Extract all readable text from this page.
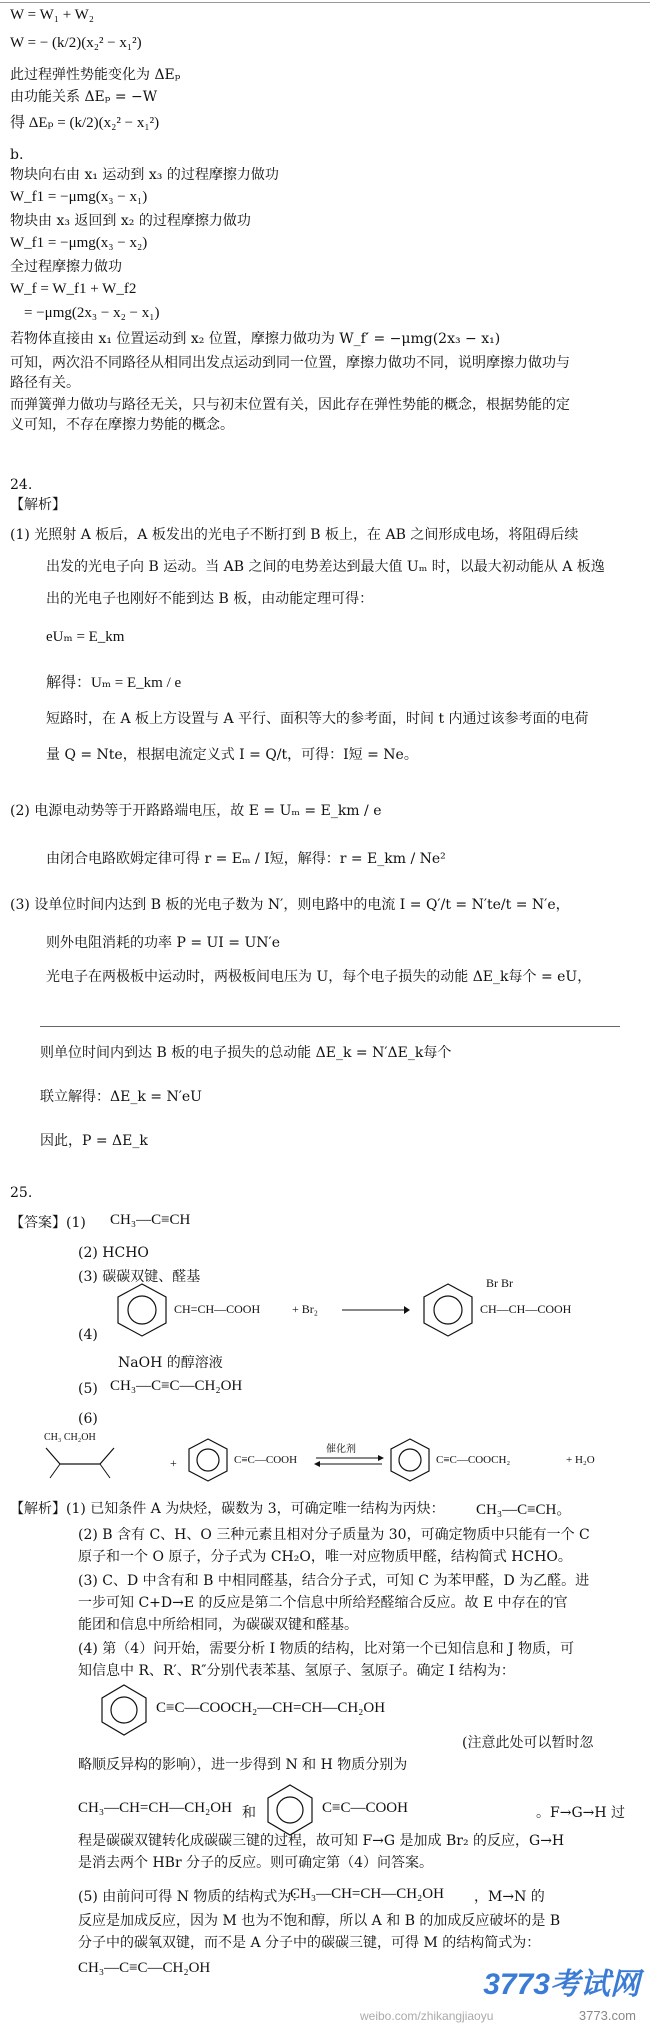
W = W₁ + W₂
W = − (k/2)(x₂² − x₁²)
此过程弹性势能变化为 ΔEₚ
由功能关系 ΔEₚ = −W
得 ΔEₚ = (k/2)(x₂² − x₁²)
b.
物块向右由 x₁ 运动到 x₃ 的过程摩擦力做功
W_f1 = −μmg(x₃ − x₁)
物块由 x₃ 返回到 x₂ 的过程摩擦力做功
W_f1 = −μmg(x₃ − x₂)
全过程摩擦力做功
W_f = W_f1 + W_f2
= −μmg(2x₃ − x₂ − x₁)
若物体直接由 x₁ 位置运动到 x₂ 位置，摩擦力做功为 W_f′ = −μmg(2x₃ − x₁)
可知，两次沿不同路径从相同出发点运动到同一位置，摩擦力做功不同，说明摩擦力做功与
路径有关。
而弹簧弹力做功与路径无关，只与初末位置有关，因此存在弹性势能的概念，根据势能的定
义可知，不存在摩擦力势能的概念。
24.
【解析】
(1) 光照射 A 板后，A 板发出的光电子不断打到 B 板上，在 AB 之间形成电场，将阻碍后续
出发的光电子向 B 运动。当 AB 之间的电势差达到最大值 Uₘ 时，以最大初动能从 A 板逸
出的光电子也刚好不能到达 B 板，由动能定理可得：
eUₘ = E_km
解得：Uₘ = E_km / e
短路时，在 A 板上方设置与 A 平行、面积等大的参考面，时间 t 内通过该参考面的电荷
量 Q = Nte，根据电流定义式 I = Q/t，可得：I短 = Ne。
(2) 电源电动势等于开路路端电压，故 E = Uₘ = E_km / e
由闭合电路欧姆定律可得 r = Eₘ / I短，解得：r = E_km / Ne²
(3) 设单位时间内达到 B 板的光电子数为 N′，则电路中的电流 I = Q′/t = N′te/t = N′e，
则外电阻消耗的功率 P = UI = UN′e
光电子在两极板中运动时，两极板间电压为 U，每个电子损失的动能 ΔE_k每个 = eU，
则单位时间内到达 B 板的电子损失的总动能 ΔE_k = N′ΔE_k每个
联立解得：ΔE_k = N′eU
因此，P = ΔE_k
25.
【答案】(1) CH₃—C≡CH
(2) HCHO
(3) 碳碳双键、醛基
(4)
CH=CH—COOH	+ Br₂
Br Br
CH—CH—COOH
NaOH 的醇溶液
(5) CH₃—C≡C—CH₂OH
(6)
CH₃ CH₂OH
+	C≡C—COOH
催化剂
C≡C—COOCH₂	+ H₂O
【解析】(1) 已知条件 A 为炔烃，碳数为 3，可确定唯一结构为丙炔： CH₃—C≡CH。
(2) B 含有 C、H、O 三种元素且相对分子质量为 30，可确定物质中只能有一个 C
原子和一个 O 原子，分子式为 CH₂O，唯一对应物质甲醛，结构简式 HCHO。
(3) C、D 中含有和 B 中相同醛基，结合分子式，可知 C 为苯甲醛，D 为乙醛。进
一步可知 C+D→E 的反应是第二个信息中所给羟醛缩合反应。故 E 中存在的官
能团和信息中所给相同，为碳碳双键和醛基。
(4) 第（4）问开始，需要分析 I 物质的结构，比对第一个已知信息和 J 物质，可
知信息中 R、R′、R″分别代表苯基、氢原子、氢原子。确定 I 结构为：
C≡C—COOCH₂—CH=CH—CH₂OH
(注意此处可以暂时忽
略顺反异构的影响），进一步得到 N 和 H 物质分别为
CH₃—CH=CH—CH₂OH 和	C≡C—COOH	。F→G→H 过
程是碳碳双键转化成碳碳三键的过程，故可知 F→G 是加成 Br₂ 的反应，G→H
是消去两个 HBr 分子的反应。则可确定第（4）问答案。
(5) 由前问可得 N 物质的结构式为：
CH₃—CH=CH—CH₂OH ，M→N 的
反应是加成反应，因为 M 也为不饱和醇，所以 A 和 B 的加成反应破坏的是 B
分子中的碳氧双键，而不是 A 分子中的碳碳三键，可得 M 的结构简式为：
CH₃—C≡C—CH₂OH	3773考试网
weibo.com/zhikangjiaoyu	3773.com
